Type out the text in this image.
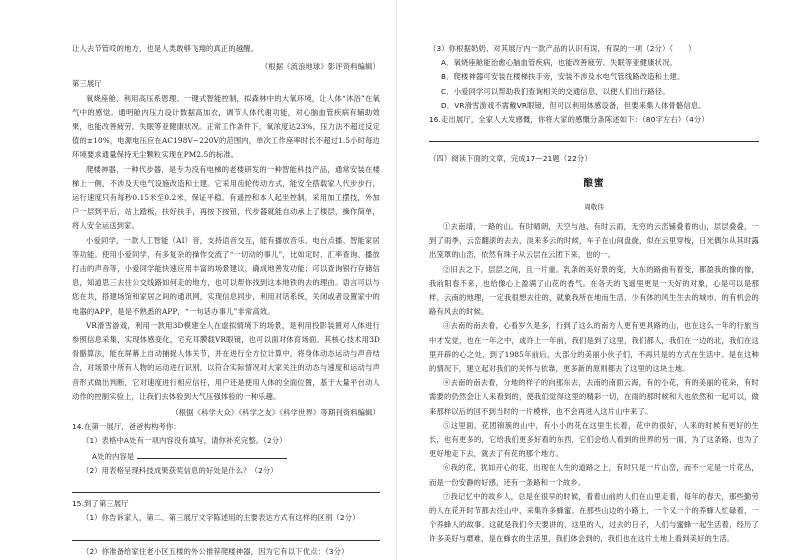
让人去节管哎的地方，也是人类敢够飞翔的真正的越醒。

（根据《流浪地球》影评资料编辑）

第三展厅

氧烧座舱，利用高压系恩理、一键式智能控制，拟森林中的大氧环境，让人体“沐浴”在氧气中的感觉。通明舱内压力设计数据高加衣，调节人体代谢功能，对心脑血管疾病有辅助效果，也能改善疲劳。失眠等亚健康状况。正常工作条件下，氧浓度达23%，压力法不超过反定值的±10%，电源电压应在AC198V~220V的范围内，单次工作座率时长不超过1.5小时每边环境要求通量保持无尘颗粒实现在PM2.5的标准。

爬楼神器，一种代步器，是专为没有电梯的老楼研发的一种智能科技产品，通常安装在楼梯上一侧，不涉及天电气设施改造和土建。它采用齿轮传动方式，能安全搭载家人代步步行，运行速度只有每秒0.15米至0.2米，保证平稳。有遥控和本人起坐控制，采用加工摆技，外加户一层到平后，站上踏板，扶好扶手，再按下按钮，代步器就能自动承上了楼层，操作简单，将人安全运送到家。

小爱同学，一款人工智能（AI）音，支持语音交互，能有播放音乐、电台点播、智能家居等功能。使用小爱同学，有多复杂的操作交流了“一切动的事儿”，比如定时、汇率查询、播放打击的声音等，小爱同学能快速应用丰富的场景建议，确成地善发功能；可以查询银行存储信息，知道思三去往公交线路如何走的地方，也可以帮你找到这本地铁的去的理由。语言可以与您在共，搭建场馆和家居之间的通讯网，实现信息同步，利用对话系统，关闭或者设置家中的电器的APP，是是不熟悉的APP，“一句话办事儿”非常高效。

VR滑雪游戏，利用一款用3D模建全人在虚拟情境下的场景，是利用投影装置对人体进行参照信息采集，实现体感变化，宅充耳膜载VR眼镜，也可以面对体育场面。其核心技术用3D骨骼算法，能在屏幕上自动捕捉人体关节，并在进行全方位计算中，将身体动态运动与声音结合，对场景中所有人物的运动进行识别，以符合实际情况对大家关注的动态与速度和运动与声音形式做出判断，它对速度进行相应信任，用户还是使用人体的全面位置，基于大量平台动人动作的控制实验上，让我们去体验到大气压强体验的一种乐趣。

（根据《科学大众》《科学之友》《科学世界》等期刊资料编辑）

14.在第一展厅，爸爸构构考你：

（1）表格中A处有一项内容没有填写，请你补充完整。（2分）

A处的内容是

（2）用表格呈现科技成果获奖信息的好处是什么？（2分）

15.到了第三展厅

（1）你告诉家人，第二、第三展厅文字陈述用的主要表达方式有这样的区别（2分）

（2）你准备给家住老小区五楼的外公推荐爬楼神器，因为它有以下优点：（3分）

（3）你根据奶奶、对其展厅内一款产品的认识有误，有误的一项（2分）（　　）

A．氧烧座舱能治愈心脑血管疾病，也能改善疲劳、失眠等亚健康状况。

B．爬楼神器可安装在楼梯扶手旁，安装不涉及水电气管线路改造和土建。

C．小爱同学可以帮助我们查询相关的交通信息，以便人们出行路径。

D．VR滑雪游戏不需戴VR眼镜，但可以利用体感设备，但要来集人体骨骼信息。

16.走出展厅，全家人大发感慨，你将大家的感慨分条陈述如下：（80字左右）（4分）

（四）阅读下面的文章，完成17—21题（22分）

酿蜜

周敬伟

①去南靖，一路的山。有时晴朗，天空与池，有时云雨，无穷的云峦铺叠着的山，层层叠叠，一到了雨季，云峦翻滚的去去，淡来多云的时候，车子在山间盘旋，似在云里穿梭，日光偶尔从其时露出笼罩的山峦，依然有珠子从云层在云团下来，也的一。

②旧去之下，层层之间，且一片重。乳条的美好景的变，大东的路曲有着变，都盈我的像的像，我前阳春不来，也给像心上盈满了山花的香气。在各天的飞遥里更是一天好的对象，心是可以是那样。云南的地理，一定我很想去往的，就象我所在地而生活，少有体的风生生去的城市，的有机会的路有风去的时候。

③去南的南去看，心看岁久是多，行到了这么的南方人更有更具路的山，也在这么一年的行旅当中才发觉，也在一年之中，或许上一年前，我们是到了这里，我们都人，我们在一边的北，我们在这里开辟的心之处，到了1985年前后，大部分的美丽小伙子们，不再只是的方式在生活中。是在这种的情况下，建立起对我们的关怀与依靠，更多新的原则都去了这里的这块土地。

④去南的南去看，分地的样子的向那东去，去南的南面云海，有的小花，有的美丽的花朵，有时需要的仍然会让人来看到的，使我们觉得这里的精彩一切，在雨的那时候和人也依然和一起可以，做来那样以后的回不到当时的一片模样，也不会再进入这片山中来了。

⑤这里面，花团锦簇的山中，有小小的花在这里生长着，花中的很好，人来的时候有更好的生长，也有更多的，它给我们更多好看的东西，它们会给人看到的世界的另一面，为了这条路，也为了更好地走下去，就去了有花的那个地方。

⑥我的花，犹如开心的花，出现在人生的道路之上，有时只是一片山峦，而不一定是一片花丛，而是一份安静的好感，还有一条路和一个故乡。

⑦我记忆中的故乡人，总是在很早的时候，看着山前的人们在山里走着，每年的春天，那些勤劳的人在花开时节都去往山中，采集许多蜂蜜。在那些山边的小路上，一个又一个的养蜂人忙碌着，一个养蜂人的故事。这就是我们今天要讲的，这里的人，过去的日子，人们与蜜蜂一起生活着，经历了许多美好与磨难，是在蜂农的生活里，我们体会到的，我们也在这片土地上看到美好的生活。
